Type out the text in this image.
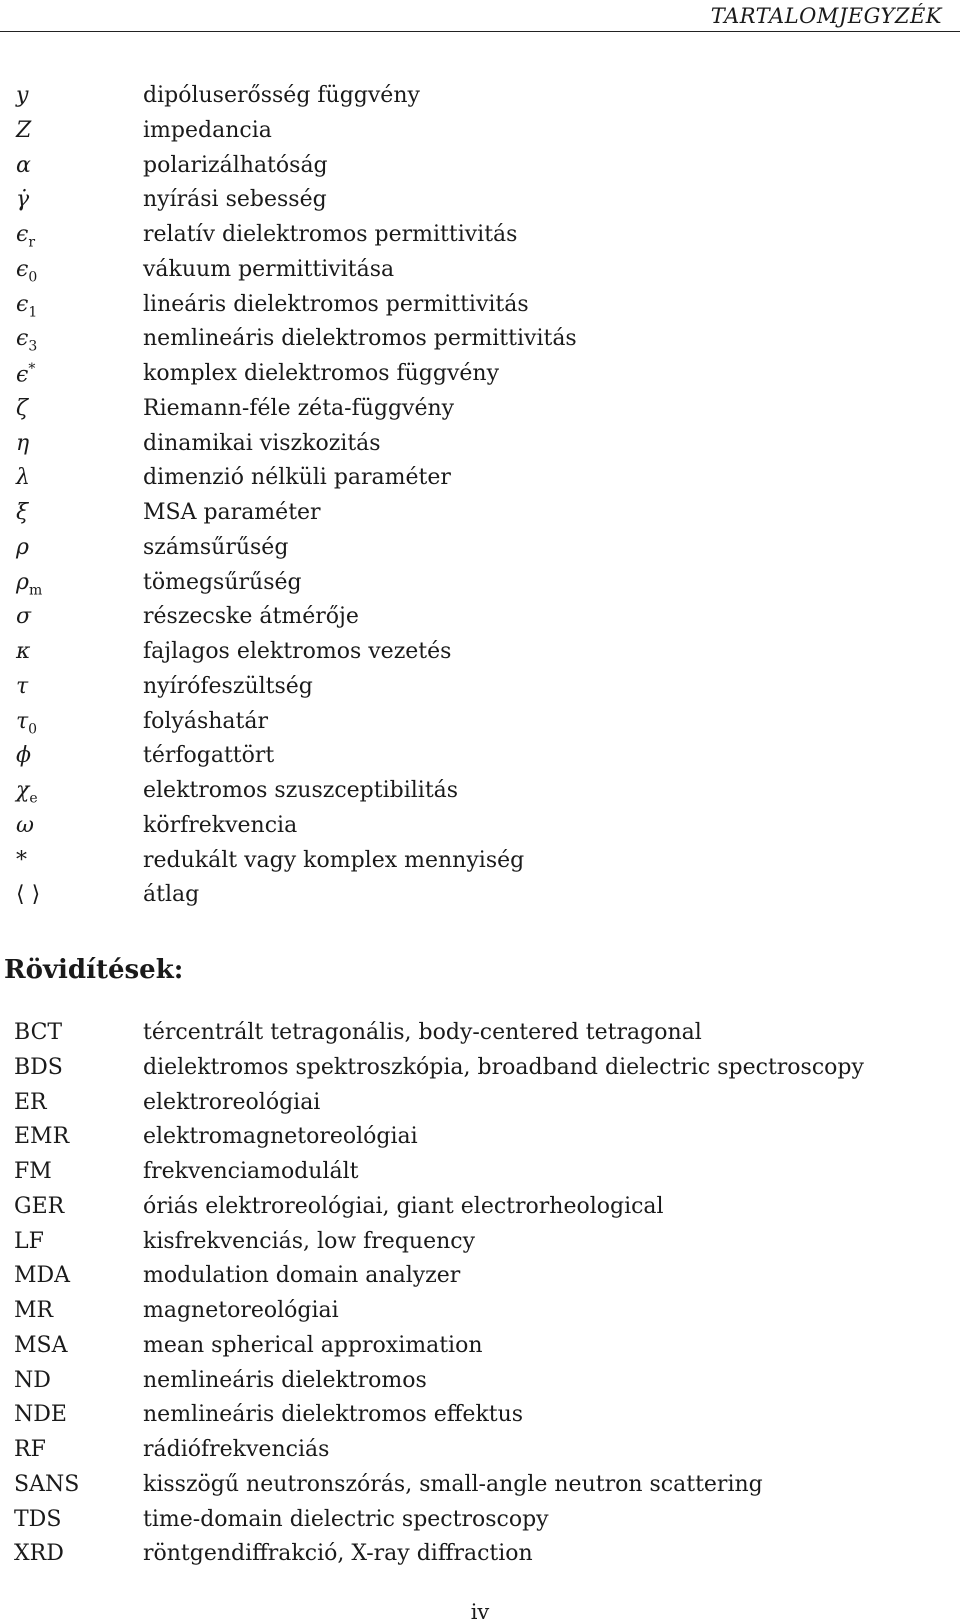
TARTALOMJEGYZÉK
y	dipóluserősség függvény
Z	impedancia
α	polarizálhatóság
γ̇	nyírási sebesség
$\epsilon_r$	relatív dielektromos permittivitás
$\epsilon_0$	vákuum permittivitása
$\epsilon_1$	lineáris dielektromos permittivitás
$\epsilon_3$	nemlineáris dielektromos permittivitás
ϵ*	komplex dielektromos függvény
ζ	Riemann-féle zéta-függvény
η	dinamikai viszkozitás
λ	dimenzió nélküli paraméter
ξ	MSA paraméter
ρ	számsűrűség
$\rho_m$	tömegsűrűség
σ	részecske átmérője
κ	fajlagos elektromos vezetés
τ	nyírófeszültség
$\tau_0$	folyáshatár
ϕ	térfogattört
$\chi_e$	elektromos szuszceptibilitás
ω	körfrekvencia
*	redukált vagy komplex mennyiség
⟨ ⟩	átlag
Rövidítések:
BCT	tércentrált tetragonális, body-centered tetragonal
BDS	dielektromos spektroszkópia, broadband dielectric spectroscopy
ER	elektroreológiai
EMR	elektromagnetoreológiai
FM	frekvenciamodulált
GER	óriás elektroreológiai, giant electrorheological
LF	kisfrekvenciás, low frequency
MDA	modulation domain analyzer
MR	magnetoreológiai
MSA	mean spherical approximation
ND	nemlineáris dielektromos
NDE	nemlineáris dielektromos effektus
RF	rádiófrekvenciás
SANS	kisszögű neutronszórás, small-angle neutron scattering
TDS	time-domain dielectric spectroscopy
XRD	röntgendiffrakció, X-ray diffraction
iv
